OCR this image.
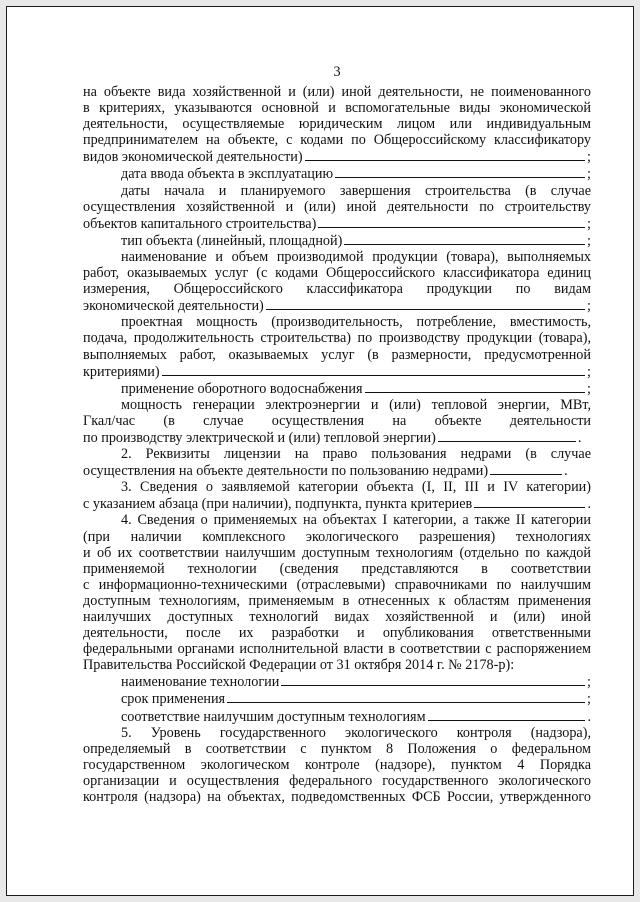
3
на объекте вида хозяйственной и (или) иной деятельности, не поименованного
в критериях, указываются основной и вспомогательные виды экономической
деятельности, осуществляемые юридическим лицом или индивидуальным
предпринимателем на объекте, с кодами по Общероссийскому классификатору
видов экономической деятельности)	;
дата ввода объекта в эксплуатацию	;
даты начала и планируемого завершения строительства (в случае
осуществления хозяйственной и (или) иной деятельности по строительству
объектов капитального строительства)	;
тип объекта (линейный, площадной)	;
наименование и объем производимой продукции (товара), выполняемых
работ, оказываемых услуг (с кодами Общероссийского классификатора единиц
измерения, Общероссийского классификатора продукции по видам
экономической деятельности)	;
проектная мощность (производительность, потребление, вместимость,
подача, продолжительность строительства) по производству продукции (товара),
выполняемых работ, оказываемых услуг (в размерности, предусмотренной
критериями)	;
применение оборотного водоснабжения	;
мощность генерации электроэнергии и (или) тепловой энергии, МВт,
Гкал/час (в случае осуществления на объекте деятельности
по производству электрической и (или) тепловой энергии)	.
2. Реквизиты лицензии на право пользования недрами (в случае
осуществления на объекте деятельности по пользованию недрами)	.
3. Сведения о заявляемой категории объекта (I, II, III и IV категории)
с указанием абзаца (при наличии), подпункта, пункта критериев	.
4. Сведения о применяемых на объектах I категории, а также II категории
(при наличии комплексного экологического разрешения) технологиях
и об их соответствии наилучшим доступным технологиям (отдельно по каждой
применяемой технологии (сведения представляются в соответствии
с информационно-техническими (отраслевыми) справочниками по наилучшим
доступным технологиям, применяемым в отнесенных к областям применения
наилучших доступных технологий видах хозяйственной и (или) иной
деятельности, после их разработки и опубликования ответственными
федеральными органами исполнительной власти в соответствии с распоряжением
Правительства Российской Федерации от 31 октября 2014 г. № 2178-р):
наименование технологии	;
срок применения	;
соответствие наилучшим доступным технологиям	.
5. Уровень государственного экологического контроля (надзора),
определяемый в соответствии с пунктом 8 Положения о федеральном
государственном экологическом контроле (надзоре), пунктом 4 Порядка
организации и осуществления федерального государственного экологического
контроля (надзора) на объектах, подведомственных ФСБ России, утвержденного
